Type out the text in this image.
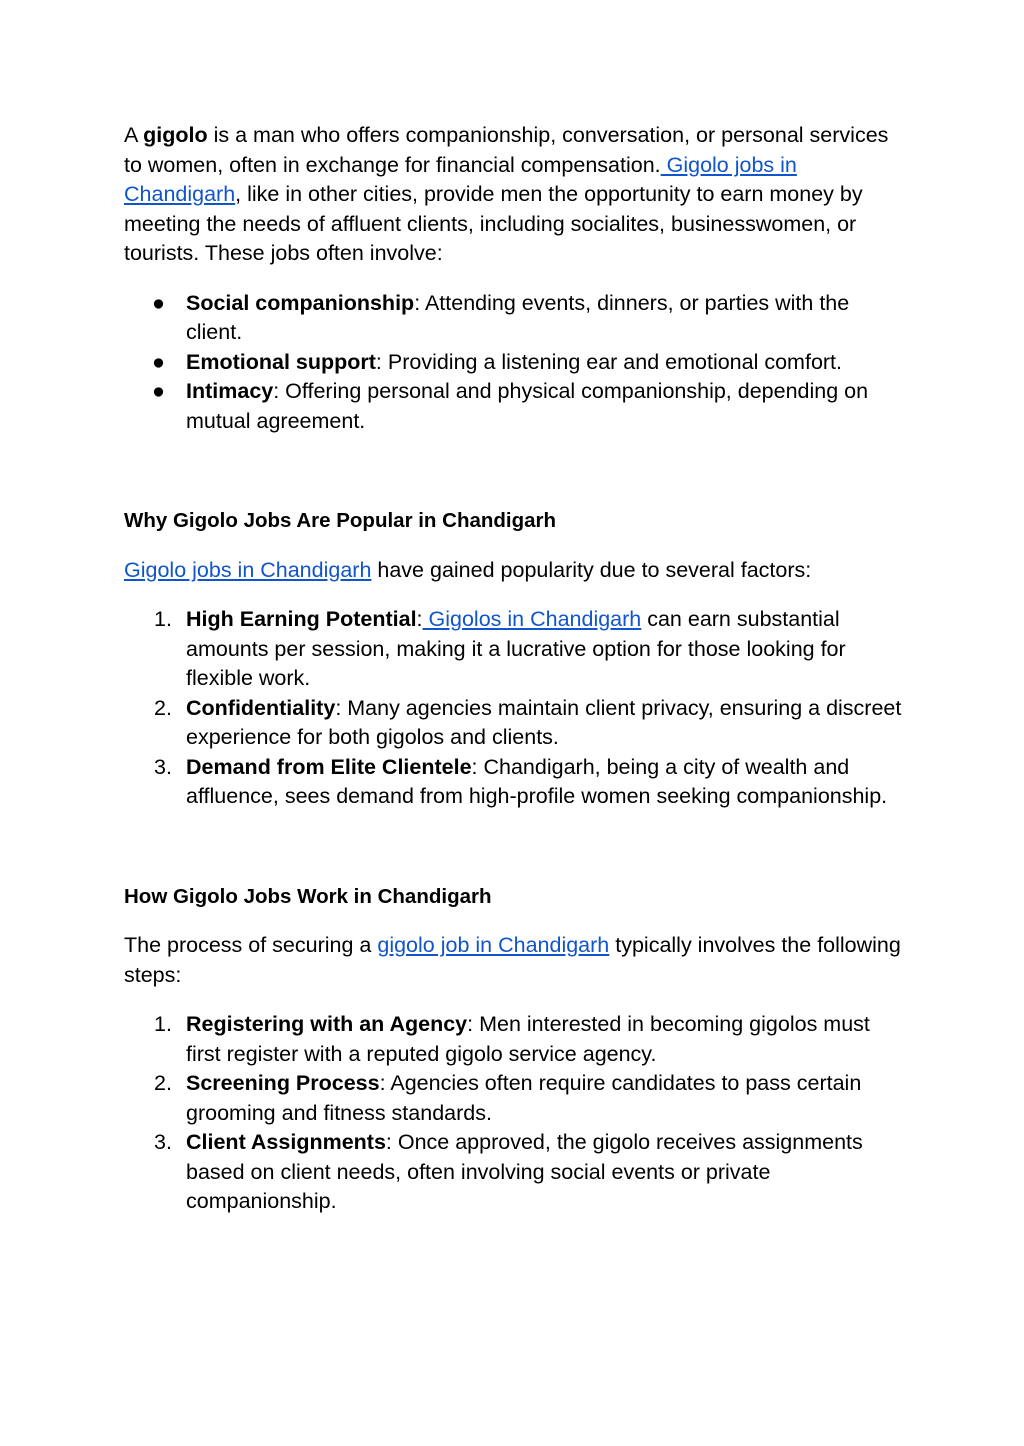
A gigolo is a man who offers companionship, conversation, or personal services to women, often in exchange for financial compensation. Gigolo jobs in Chandigarh, like in other cities, provide men the opportunity to earn money by meeting the needs of affluent clients, including socialites, businesswomen, or tourists. These jobs often involve:

● Social companionship: Attending events, dinners, or parties with the client.
● Emotional support: Providing a listening ear and emotional comfort.
● Intimacy: Offering personal and physical companionship, depending on mutual agreement.

Why Gigolo Jobs Are Popular in Chandigarh

Gigolo jobs in Chandigarh have gained popularity due to several factors:

1. High Earning Potential: Gigolos in Chandigarh can earn substantial amounts per session, making it a lucrative option for those looking for flexible work.
2. Confidentiality: Many agencies maintain client privacy, ensuring a discreet experience for both gigolos and clients.
3. Demand from Elite Clientele: Chandigarh, being a city of wealth and affluence, sees demand from high-profile women seeking companionship.

How Gigolo Jobs Work in Chandigarh

The process of securing a gigolo job in Chandigarh typically involves the following steps:

1. Registering with an Agency: Men interested in becoming gigolos must first register with a reputed gigolo service agency.
2. Screening Process: Agencies often require candidates to pass certain grooming and fitness standards.
3. Client Assignments: Once approved, the gigolo receives assignments based on client needs, often involving social events or private companionship.
